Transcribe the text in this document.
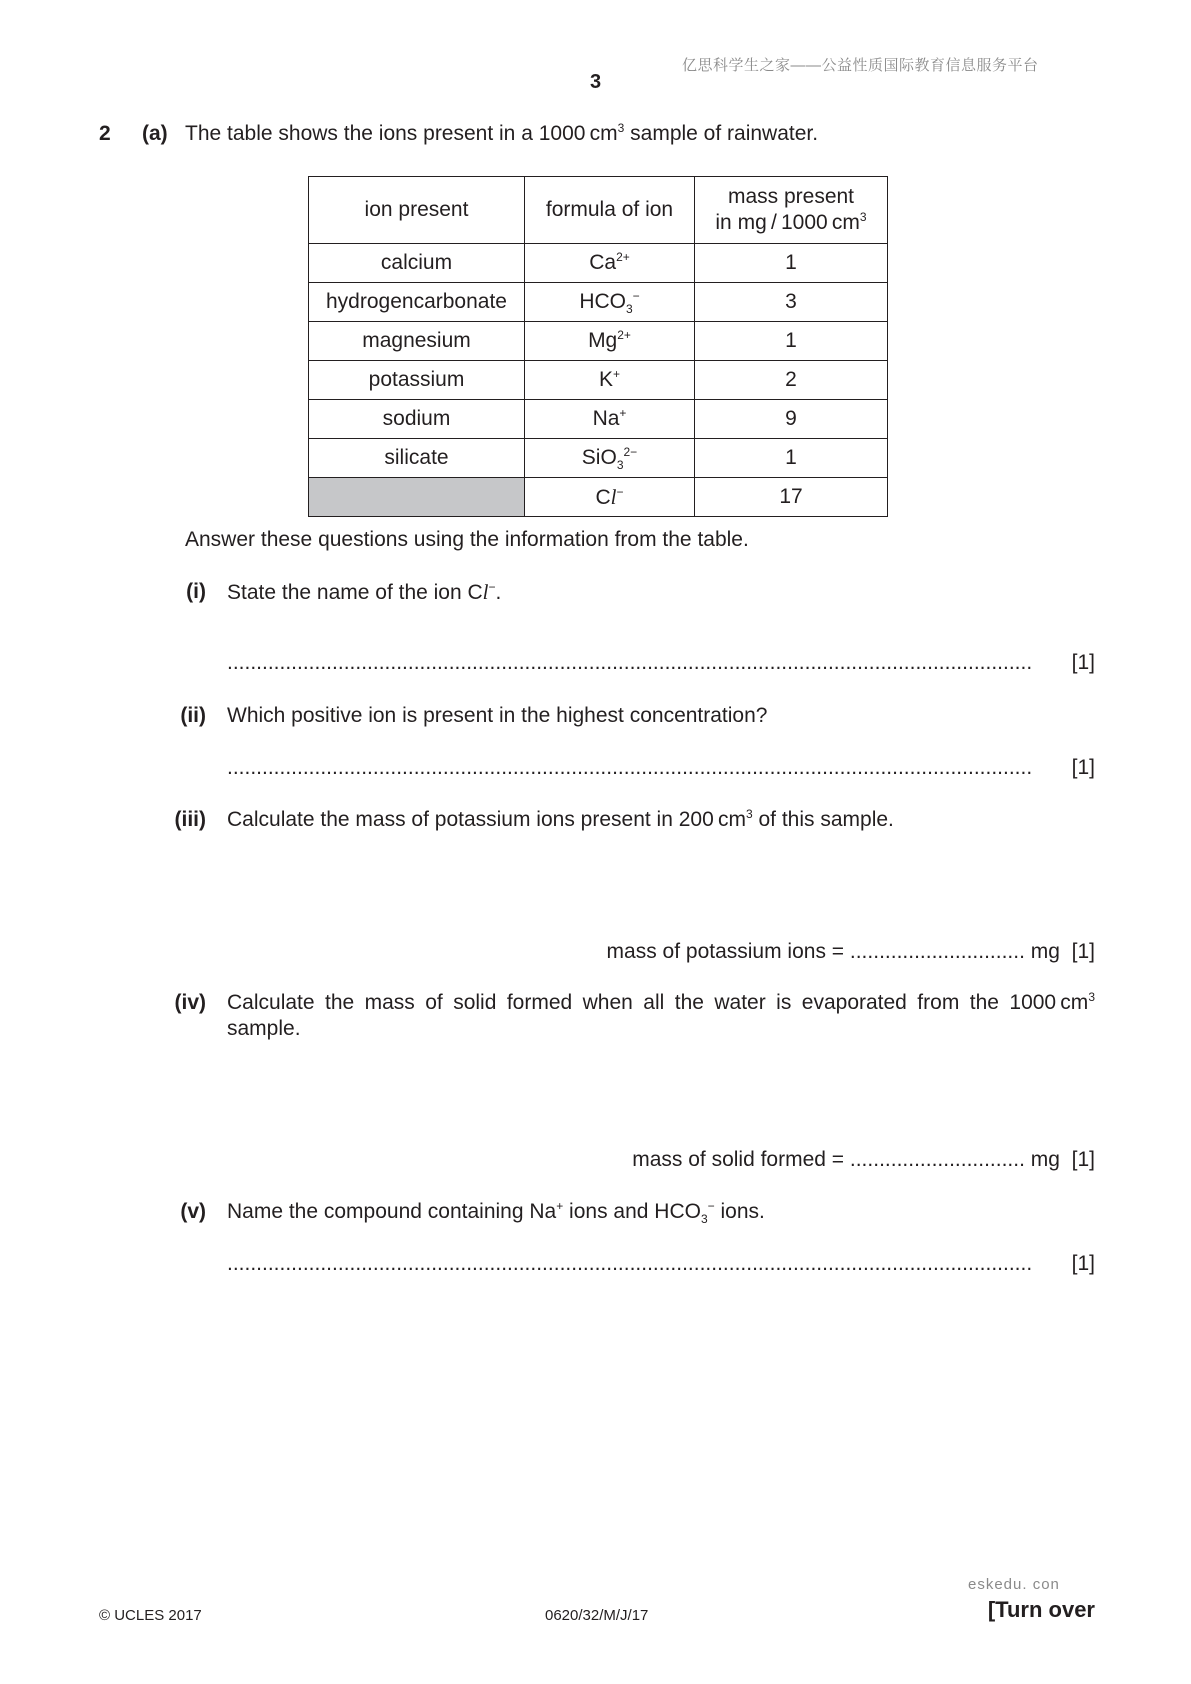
亿思科学生之家——公益性质国际教育信息服务平台
3
2 (a) The table shows the ions present in a 1000 $cm^3$ sample of rainwater.
ion present	formula of ion	mass present
in mg / 1000 $cm^3$
calcium	$Ca^{2+}$	1
hydrogencarbonate	$HCO_3^-$	3
magnesium	$Mg^{2+}$	1
potassium	K+	2
sodium	Na+	9
silicate	SiO$_3^{2-}$	1
	Cl−	17
Answer these questions using the information from the table.
(i) State the name of the ion Cl−.
.......................................................................................................................................... [1]
(ii) Which positive ion is present in the highest concentration?
.......................................................................................................................................... [1]
(iii) Calculate the mass of potassium ions present in 200 $cm^3$ of this sample.
mass of potassium ions = .............................. mg [1]
(iv) Calculate the mass of solid formed when all the water is evaporated from the 1000 $cm^3$
sample.
mass of solid formed = .............................. mg [1]
(v) Name the compound containing Na+ ions and $HCO_3^-$ ions.
.......................................................................................................................................... [1]
eskedu. con
© UCLES 2017	0620/32/M/J/17	[Turn over
